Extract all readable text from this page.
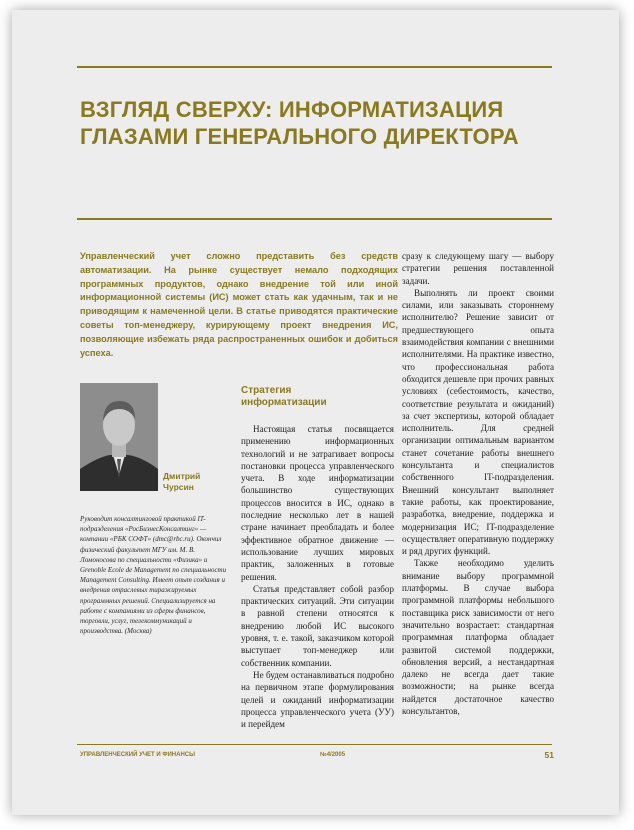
ВЗГЛЯД СВЕРХУ: ИНФОРМАТИЗАЦИЯ
ГЛАЗАМИ ГЕНЕРАЛЬНОГО ДИРЕКТОРА
Управленческий учет сложно представить без средств автоматизации. На рынке существует немало подходящих программных продуктов, однако внедрение той или иной информационной системы (ИС) может стать как удачным, так и не приводящим к намеченной цели. В статье приводятся практические советы топ-менеджеру, курирующему проект внедрения ИС, позволяющие избежать ряда распространенных ошибок и добиться успеха.
Дмитрий
Чурсин
Руководит консалтинговой практикой IT-подразделения «РосБизнесКонсалтинг» — компании «РБК СОФТ» (dmc@rbc.ru). Окончил физический факультет МГУ им. М. В. Ломоносова по специальности «Физика» и Grenoble Ecole de Management по специальности Management Consulting. Имеет опыт создания и внедрения отраслевых тиражируемых программных решений. Специализируется на работе с компаниями из сферы финансов, торговли, услуг, телекоммуникаций и производства. (Москва)
Стратегия
информатизации

Настоящая статья посвящается применению информационных технологий и не затрагивает вопросы постановки процесса управленческого учета. В ходе информатизации большинство существующих процессов вносится в ИС, однако в последние несколько лет в нашей стране начинает преобладать и более эффективное обратное движение — использование лучших мировых практик, заложенных в готовые решения.

Статья представляет собой разбор практических ситуаций. Эти ситуации в равной степени относятся к внедрению любой ИС высокого уровня, т. е. такой, заказчиком которой выступает топ-менеджер или собственник компании.

Не будем останавливаться подробно на первичном этапе формулирования целей и ожиданий информатизации процесса управленческого учета (УУ) и перейдем

сразу к следующему шагу — выбору стратегии решения поставленной задачи.

Выполнять ли проект своими силами, или заказывать стороннему исполнителю? Решение зависит от предшествующего опыта взаимодействия компании с внешними исполнителями. На практике известно, что профессиональная работа обходится дешевле при прочих равных условиях (себестоимость, качество, соответствие результата и ожиданий) за счет экспертизы, которой обладает исполнитель. Для средней организации оптимальным вариантом станет сочетание работы внешнего консультанта и специалистов собственного IT-подразделения. Внешний консультант выполняет такие работы, как проектирование, разработка, внедрение, поддержка и модернизация ИС; IT-подразделение осуществляет оперативную поддержку и ряд других функций.

Также необходимо уделить внимание выбору программной платформы. В случае выбора программной платформы небольшого поставщика риск зависимости от него значительно возрастает: стандартная программная платформа обладает развитой системой поддержки, обновления версий, а нестандартная далеко не всегда дает такие возможности; на рынке всегда найдется достаточное качество консультантов,

УПРАВЛЕНЧЕСКИЙ УЧЕТ И ФИНАНСЫ	№4/2005	51
